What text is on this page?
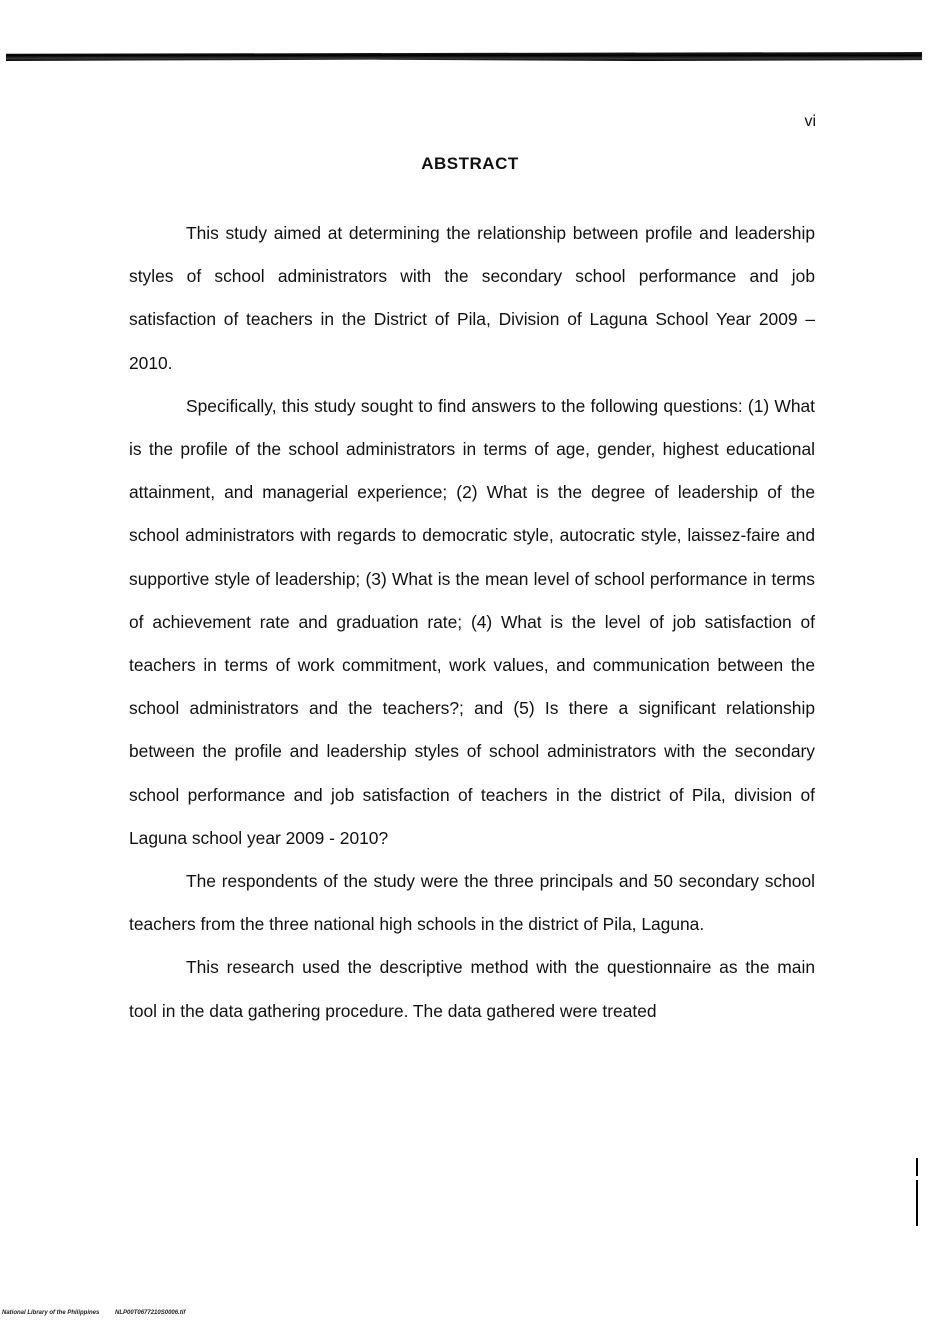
vi
ABSTRACT

This study aimed at determining the relationship between profile and leadership styles of school administrators with the secondary school performance and job satisfaction of teachers in the District of Pila, Division of Laguna School Year 2009 – 2010.

Specifically, this study sought to find answers to the following questions: (1) What is the profile of the school administrators in terms of age, gender, highest educational attainment, and managerial experience; (2) What is the degree of leadership of the school administrators with regards to democratic style, autocratic style, laissez-faire and supportive style of leadership; (3) What is the mean level of school performance in terms of achievement rate and graduation rate; (4) What is the level of job satisfaction of teachers in terms of work commitment, work values, and communication between the school administrators and the teachers?; and (5) Is there a significant relationship between the profile and leadership styles of school administrators with the secondary school performance and job satisfaction of teachers in the district of Pila, division of Laguna school year 2009 - 2010?

The respondents of the study were the three principals and 50 secondary school teachers from the three national high schools in the district of Pila, Laguna.

This research used the descriptive method with the questionnaire as the main tool in the data gathering procedure. The data gathered were treated

National Library of the Philippines	NLP00T0677210S0006.tif
